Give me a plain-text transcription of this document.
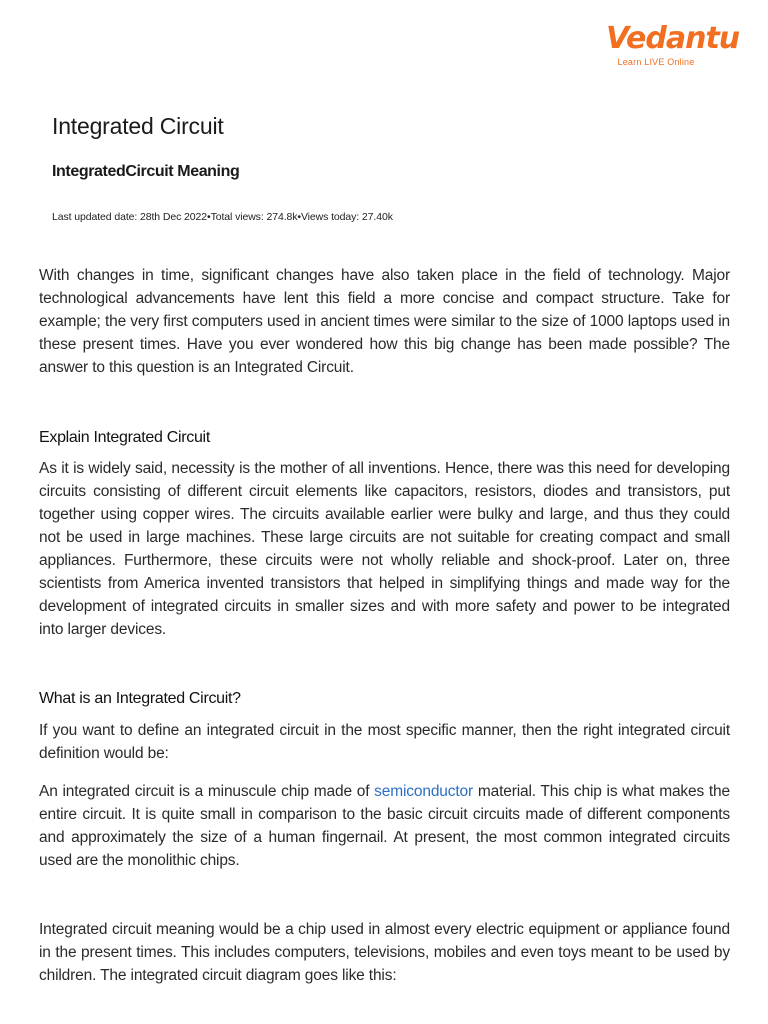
Vedantu
Learn LIVE Online
Integrated Circuit
IntegratedCircuit Meaning
Last updated date: 28th Dec 2022•Total views: 274.8k•Views today: 27.40k

With changes in time, significant changes have also taken place in the field of technology. Major technological advancements have lent this field a more concise and compact structure. Take for example; the very first computers used in ancient times were similar to the size of 1000 laptops used in these present times. Have you ever wondered how this big change has been made possible? The answer to this question is an Integrated Circuit.

Explain Integrated Circuit

As it is widely said, necessity is the mother of all inventions. Hence, there was this need for developing circuits consisting of different circuit elements like capacitors, resistors, diodes and transistors, put together using copper wires. The circuits available earlier were bulky and large, and thus they could not be used in large machines. These large circuits are not suitable for creating compact and small appliances. Furthermore, these circuits were not wholly reliable and shock-proof. Later on, three scientists from America invented transistors that helped in simplifying things and made way for the development of integrated circuits in smaller sizes and with more safety and power to be integrated into larger devices.

What is an Integrated Circuit?

If you want to define an integrated circuit in the most specific manner, then the right integrated circuit definition would be:

An integrated circuit is a minuscule chip made of semiconductor material. This chip is what makes the entire circuit. It is quite small in comparison to the basic circuit circuits made of different components and approximately the size of a human fingernail. At present, the most common integrated circuits used are the monolithic chips.

Integrated circuit meaning would be a chip used in almost every electric equipment or appliance found in the present times. This includes computers, televisions, mobiles and even toys meant to be used by children. The integrated circuit diagram goes like this:
